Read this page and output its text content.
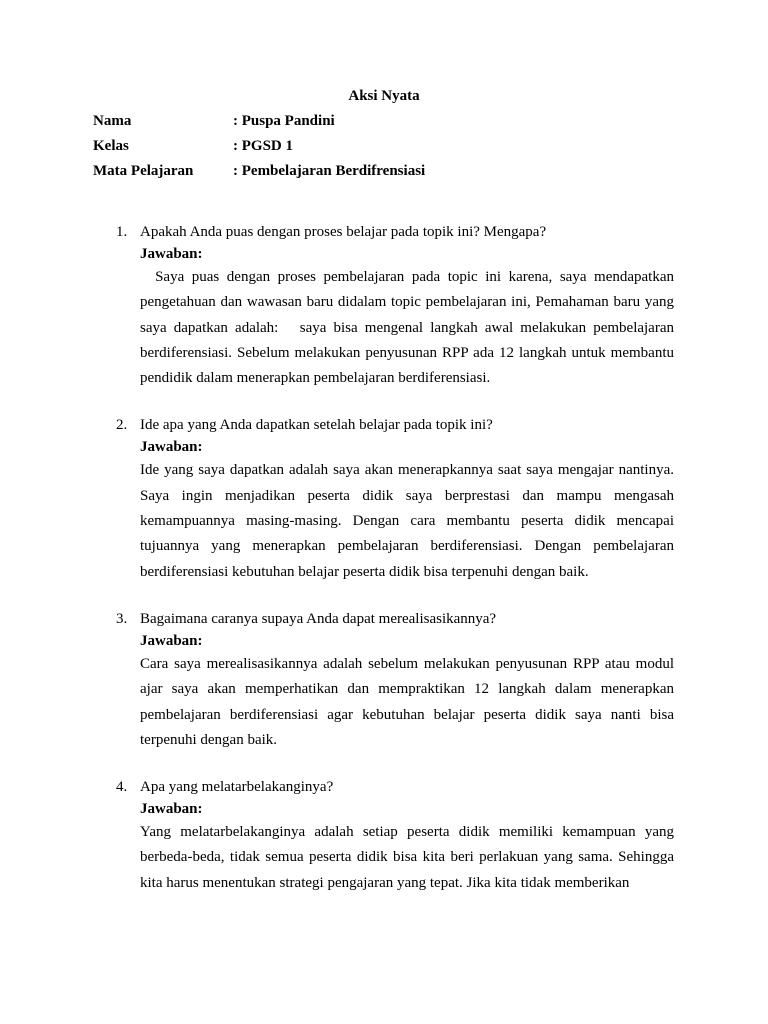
Aksi Nyata
Nama	: Puspa Pandini
Kelas	: PGSD 1
Mata Pelajaran	: Pembelajaran Berdifrensiasi
1. Apakah Anda puas dengan proses belajar pada topik ini? Mengapa?

Jawaban:

Saya puas dengan proses pembelajaran pada topic ini karena, saya mendapatkan pengetahuan dan wawasan baru didalam topic pembelajaran ini, Pemahaman baru yang saya dapatkan adalah:   saya bisa mengenal langkah awal melakukan pembelajaran berdiferensiasi. Sebelum melakukan penyusunan RPP ada 12 langkah untuk membantu pendidik dalam menerapkan pembelajaran berdiferensiasi.

2. Ide apa yang Anda dapatkan setelah belajar pada topik ini?

Jawaban:

Ide yang saya dapatkan adalah saya akan menerapkannya saat saya mengajar nantinya. Saya ingin menjadikan peserta didik saya berprestasi dan mampu mengasah kemampuannya masing-masing. Dengan cara membantu peserta didik mencapai tujuannya yang menerapkan pembelajaran berdiferensiasi. Dengan pembelajaran berdiferensiasi kebutuhan belajar peserta didik bisa terpenuhi dengan baik.

3. Bagaimana caranya supaya Anda dapat merealisasikannya?

Jawaban:

Cara saya merealisasikannya adalah sebelum melakukan penyusunan RPP atau modul ajar saya akan memperhatikan dan mempraktikan 12 langkah dalam menerapkan pembelajaran berdiferensiasi agar kebutuhan belajar peserta didik saya nanti bisa terpenuhi dengan baik.

4. Apa yang melatarbelakanginya?

Jawaban:

Yang melatarbelakanginya adalah setiap peserta didik memiliki kemampuan yang berbeda-beda, tidak semua peserta didik bisa kita beri perlakuan yang sama. Sehingga kita harus menentukan strategi pengajaran yang tepat. Jika kita tidak memberikan
